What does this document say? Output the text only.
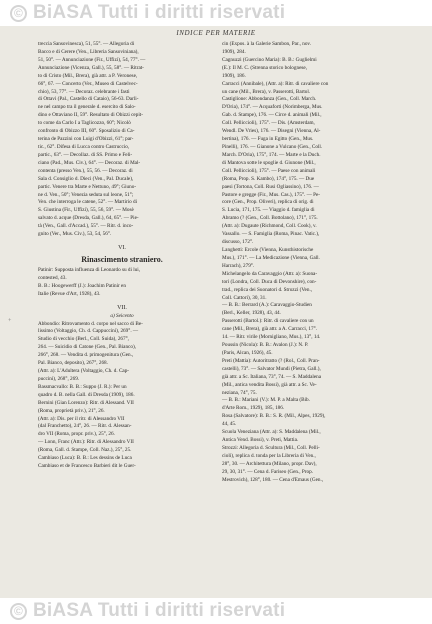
© BiASA Tutti i diritti riservati
INDICE PER MATERIE
+
treccia Sansovinesca), 51, 55°. — Allegoria di
Bacco e di Cerere (Ven., Libreria Sansoviniana),
51, 50°. — Annunciazione (Fir., Uffizi), 54, 77°. —
Annunciazione (Vicenza, Gall.), 55, 58°. — Ritrat-
to di Cristo (Mil., Brera), già attr. a P. Veronese,
66°, 67. — Concerto (Ver., Museo di Castelvec-
chio), 53, 77°. — Decoraz. celebrante i fasti
di Ottavi (Pal., Castello di Cataio), 56-63. Darli-
ne nel campo tra il generale d. esercito di Salo-
dino e Ottaviano II, 59°. Resultato di Obizzi cepit-
to come da Carlo I a Taglicozzo, 60°; Nicolò
confronto di Obizzo III, 60°. Sposalizio di Ca-
terina de Pazzini con Luigi d'Obizzi, 61°; par-
tic., 62°. Difesa di Lucca contro Castruccio,
partic., 63°. — Decollaz. di SS. Primo e Feli-
ciano (Pad., Mus. Civ.), 64°. — Decoraz. di Mal-
contenta (presso Ven.), 55, 56. — Decoraz. di
Sala d. Consiglio d. Dieci (Ven., Pal. Ducale),
partic. Venere tra Marte e Nettuno, 49°; Giuno-
ne d. Ven., 50°; Venezia seduta sul leone, 51°;
Ven. che interroga le catene, 52°. — Martirio di
S. Giustina (Fir., Uffizi), 55, 56, 59°. — Mosè
salvato d. acque (Dresda, Gall.), 64, 65°. — Pie-
tà (Ven., Gall. d'Accad.), 55°. — Ritr. d. inco-
gnito (Ver., Mus. Civ.), 53, 54, 56°.
VI.
Rinascimento straniero.
Patinir: Supposta influenza di Leonardo su di lui,
contested, 43.
B. B.: Hoogewerff (J.): Joachim Patinir en
Italie (Revue d'Art, 1928), 43.
VII.
a) Seicento
Abbondio: Ritrovamento d. corpo nel sacco di Be-
lissimo (Voltaggio, Ch. d. Cappuccini), 269°. —
Studio di vecchio (Berl., Coll. Suida), 267°,
264. — Suicidio di Catone (Gen., Pal. Bianco),
266°, 268. — Vendita d. primogenitura (Gen.,
Pal. Bianco, deposito), 267°, 268.
(Attr. a): L'Adultera (Voltaggio, Ch. d. Cap-
puccini), 268°, 269.
Bassmacvallo: B. B.: Suppo (J. R.): Per un
quadro d. B. nella Gall. di Dresda (1909), 186.
Bernini (Gian Lorenzo): Ritr. di Alessand. VII
(Roma, proprietà priv.), 21°, 26.
(Attr. a): Dis. per il ritr. di Alessandro VII
(dal Franchetto), 24°, 26. — Ritr. d. Alessan-
dro VII (Roma, propr. priv.), 25°, 26.
— Lonn, Franc (Attr.): Ritr. di Alessandro VII
(Roma, Gall. d. Stampe, Coll. Naz.), 25°, 25.
Cambiaso (Luca): B. B.: Les dessins de Luca
Cambiaso et de Francesco Barbieri dit le Guer-
cin (Expos. à la Galerie Sambon, Par., nov.
1909), 284.
Cagnuzzi (Guercino Maria): B. B.: Guglielmi
(E.): Il M. C. (Strenna storico bolognese,
1909), 186.
Carracci (Annibale), (Attr. a): Ritr. di cavaliere con
un cane (Mil., Brera), v. Passerotti, Bartol.
Castiglione: Abbondanza (Gen., Coll. March.
D'Oria), 174°. — Acquaforti (Norimberga, Mus.
Gab. d. Stampe), 176. — Circe d. animali (Mil.,
Coll. Pelliccioli), 175°. — Dis. (Amsterdam,
Wendl. De Vries), 176. — Disegni (Vienna, Al-
bertina), 176. — Fuga in Egitto (Gen., Mus.
Pinelli), 176. — Gianone a Vulcano (Gen., Coll.
March. D'Oria), 175°, 174. — Marte e la Duch.
di Mantova sotte le spoglie d. Giunone (Mil.,
Coll. Pelliccioli), 175°. — Paese con animali
(Roma, Prop. S. Kambo), 174°, 175. — Due
paesi (Tortona, Coll. Rusi Ogliassino), 176. —
Pastore e gregge (Fir., Mus. Cas.), 175°. — Pe-
core (Gen., Prop. Oliveri), replica di orig. di
S. Lucia, 171, 175. — Viaggio d. famiglia di
Abramo (? (Gen., Coll. Bottolano), 171°, 175.
(Attr. a): Dugaute (Richmond, Coll. Cook), v.
Vassallo. — S. Famiglia (Roma, Pinac. Vatic.),
discusso, 172°.
Langhetti: Ercole (Vienna, Kunsthistorische
Mus.), 171°. — La Medicazione (Vienna, Gall.
Harrach), 279°.
Michelangelo da Caravaggio (Attr. a): Suona-
tori (Londra, Coll. Duca di Devonshire), con-
trad., replica dei Suonatori d. Strozzi (Ven.,
Coll. Cattori), 30, 31.
— B. B.: Berrard (A.): Caravaggio-Studien
(Berl., Keller, 1928), 43, 44.
Passerotti (Bartol.): Ritr. di cavaliere con un
cane (Mil., Brera), già attr. a A. Carracci, 17°.
14. — Ritr. virile (Mornigliano, Mus.), 13°, 14.
Poussin (Nicola): B. B.: Avalon (J.): N. P.
(Paris, Alcan, 1926), 45.
Preti (Mattia): Autoritratto (? (Rol., Coll. Pran-
castelli), 73°. — Salvator Mundi (Pietra, Gall.),
già attr. a Sc. Italiana, 73°, 74. — S. Maddalena
(Mil., antica vendita Bossi), già attr. a Sc. Ve-
neziana, 74°, 75.
— B. B.: Mariani (V.): M. P. a Malta (Bib.
d'Arte Rom., 1929), 185, 186.
Rosa (Salvatore): B. B.: S. R. (Mil., Alpes, 1929),
44, 45.
Scuola Veneziana (Attr. a): S. Maddalena (Mil.,
Antica Vend. Bossi), v. Preti, Mattia.
Strozzi: Allegoria d. Scultura (Mil., Coll. Pelli-
cioli), replica d. tonda per la Libreria di Ven.,
28°, 30. — Architettura (Milano, propr. Dav),
29, 30, 31°. — Cena d. Fariseo (Gen., Prop.
Mestrovich), 128°, 180. — Cena d'Emaus (Gen.,
© BiASA Tutti i diritti riservati
